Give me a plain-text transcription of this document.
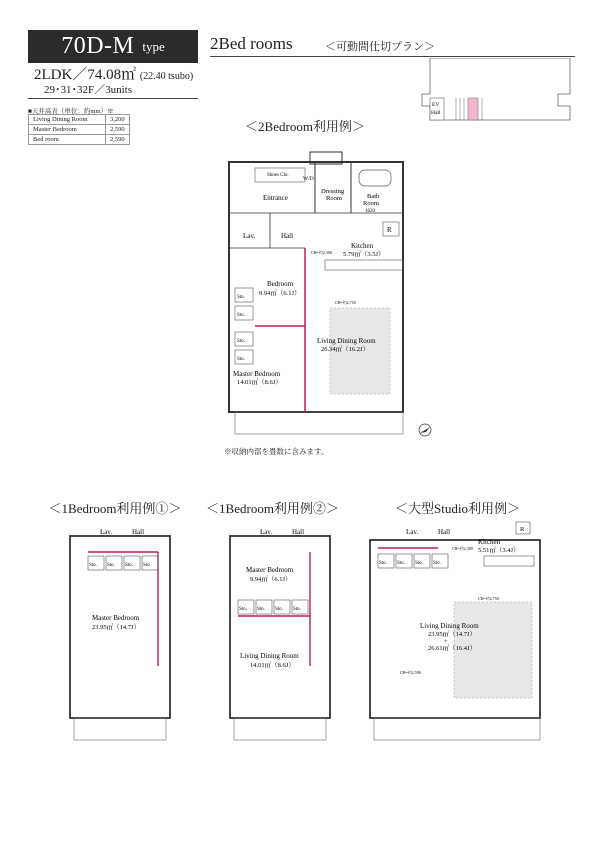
70D-M type	2Bed rooms	＜可動間仕切プラン＞
2LDK／74.08㎡ (22.40 tsubo)
29･31･32F／3units
■天井高表（単位：約mm）※
Living Dining Room	3,200
Master Bedroom	2,590
Bed room	2,590
EV
Hall
＜2Bedroom利用例＞
Shoes Clo.
W/D
Entrance
Dressing
Room	Bath
Room
1620
Lav.	Hall
R
Kitchen
5.79㎡（3.5J）
CH=約2,300
CH=約2,750
Sto.
Sto.
Sto.
Sto.
Bedroom
9.94㎡（6.1J）
Living Dining Room
26.34㎡（16.2J）
Master Bedroom
14.01㎡（8.6J）
※収納内部を畳数に含みます。
＜1Bedroom利用例①＞
Lav.	Hall
Sto. Sto. Sto. Sto.
Master Bedroom
23.95㎡（14.7J）
＜1Bedroom利用例②＞
Lav.	Hall
Master Bedroom
9.94㎡（6.1J）
Sto. Sto. Sto. Sto.
Living Dining Room
14.01㎡（8.6J）
＜大型Studio利用例＞
Lav.	Hall	R
CH=約2,300
Kitchen
5.51㎡（3.4J）
Sto. Sto. Sto. Sto.
CH=約2,750
Living Dining Room
23.95㎡（14.7J）
+
26.61㎡（16.4J）
CH=約2,590
